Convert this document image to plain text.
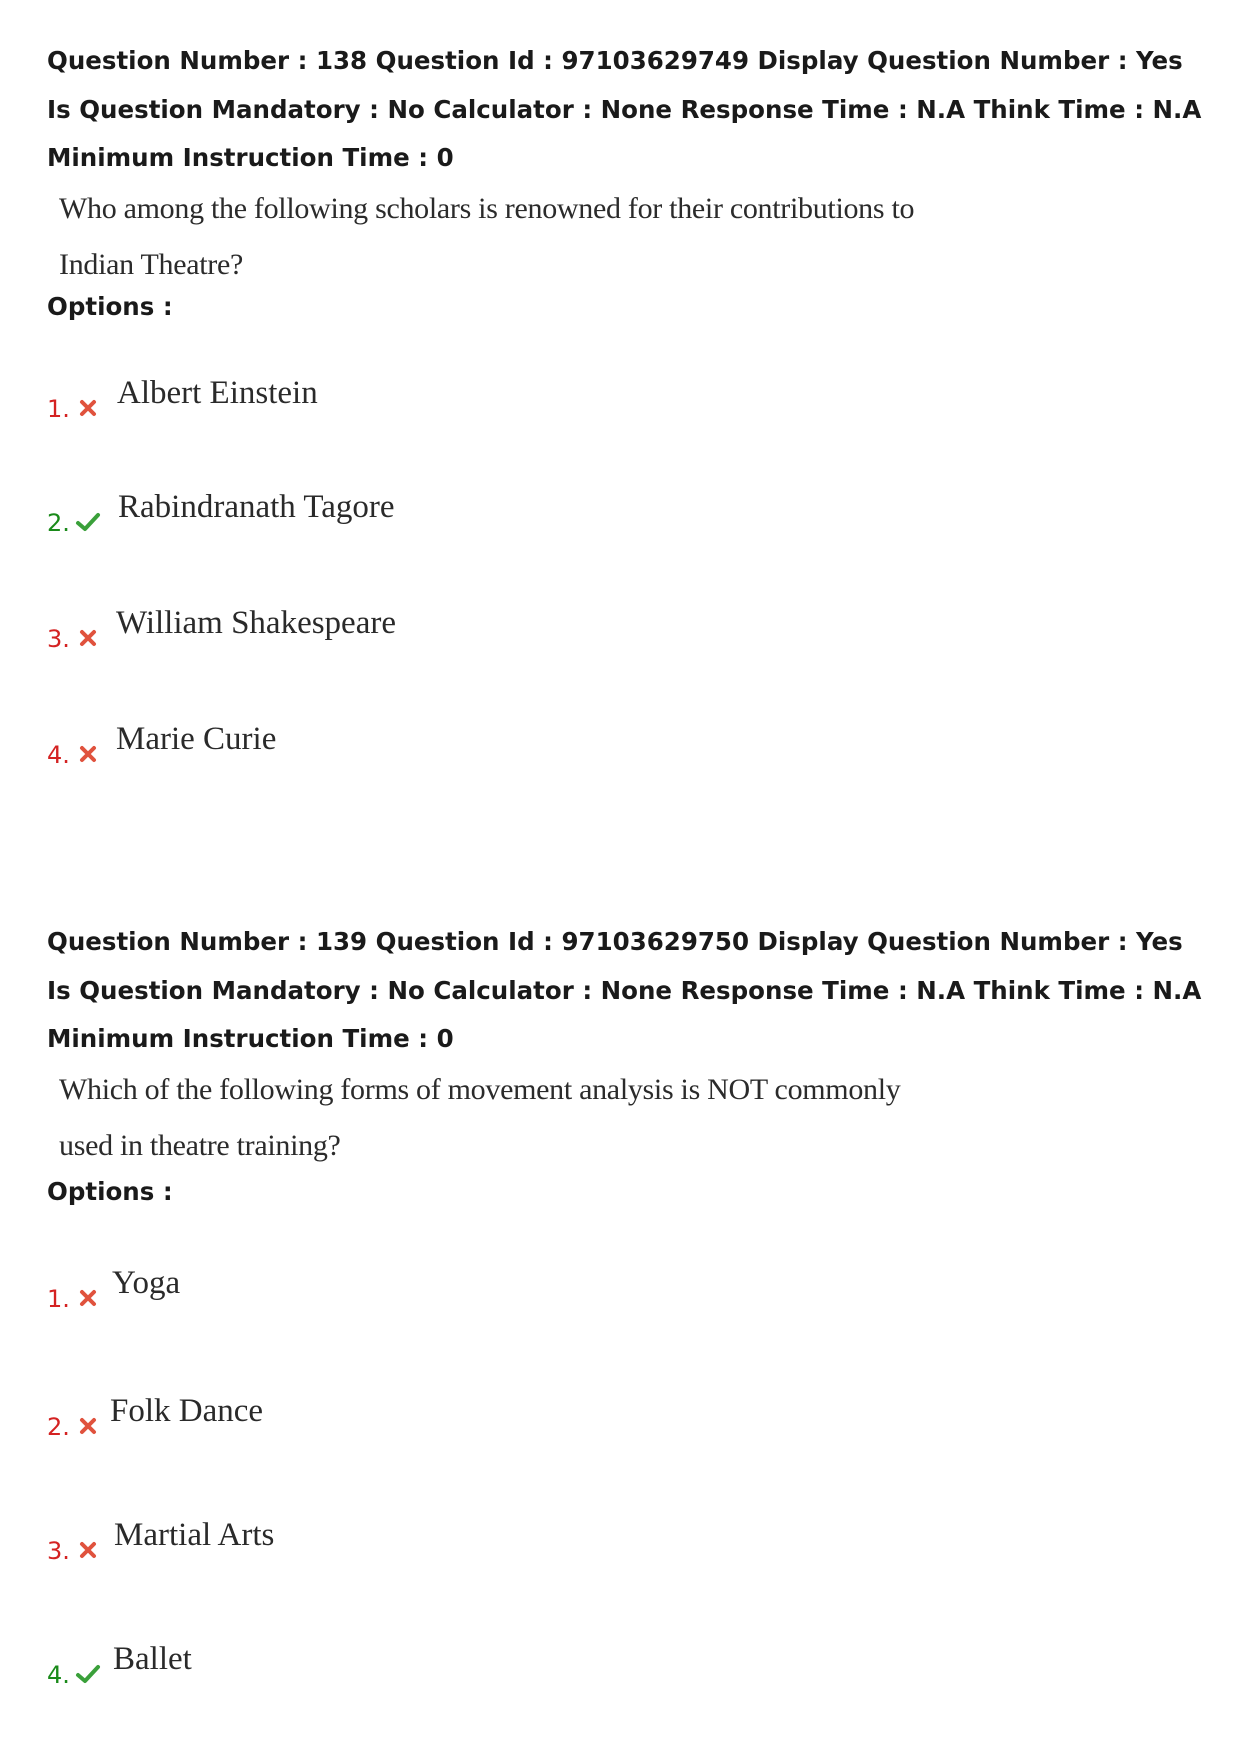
Question Number : 138 Question Id : 97103629749 Display Question Number : Yes Is Question Mandatory : No Calculator : None Response Time : N.A Think Time : N.A Minimum Instruction Time : 0

Who among the following scholars is renowned for their contributions to Indian Theatre?

Options :

1. Albert Einstein
2. Rabindranath Tagore
3. William Shakespeare
4. Marie Curie

Question Number : 139 Question Id : 97103629750 Display Question Number : Yes Is Question Mandatory : No Calculator : None Response Time : N.A Think Time : N.A Minimum Instruction Time : 0

Which of the following forms of movement analysis is NOT commonly used in theatre training?

Options :

1. Yoga
2. Folk Dance
3. Martial Arts
4. Ballet
